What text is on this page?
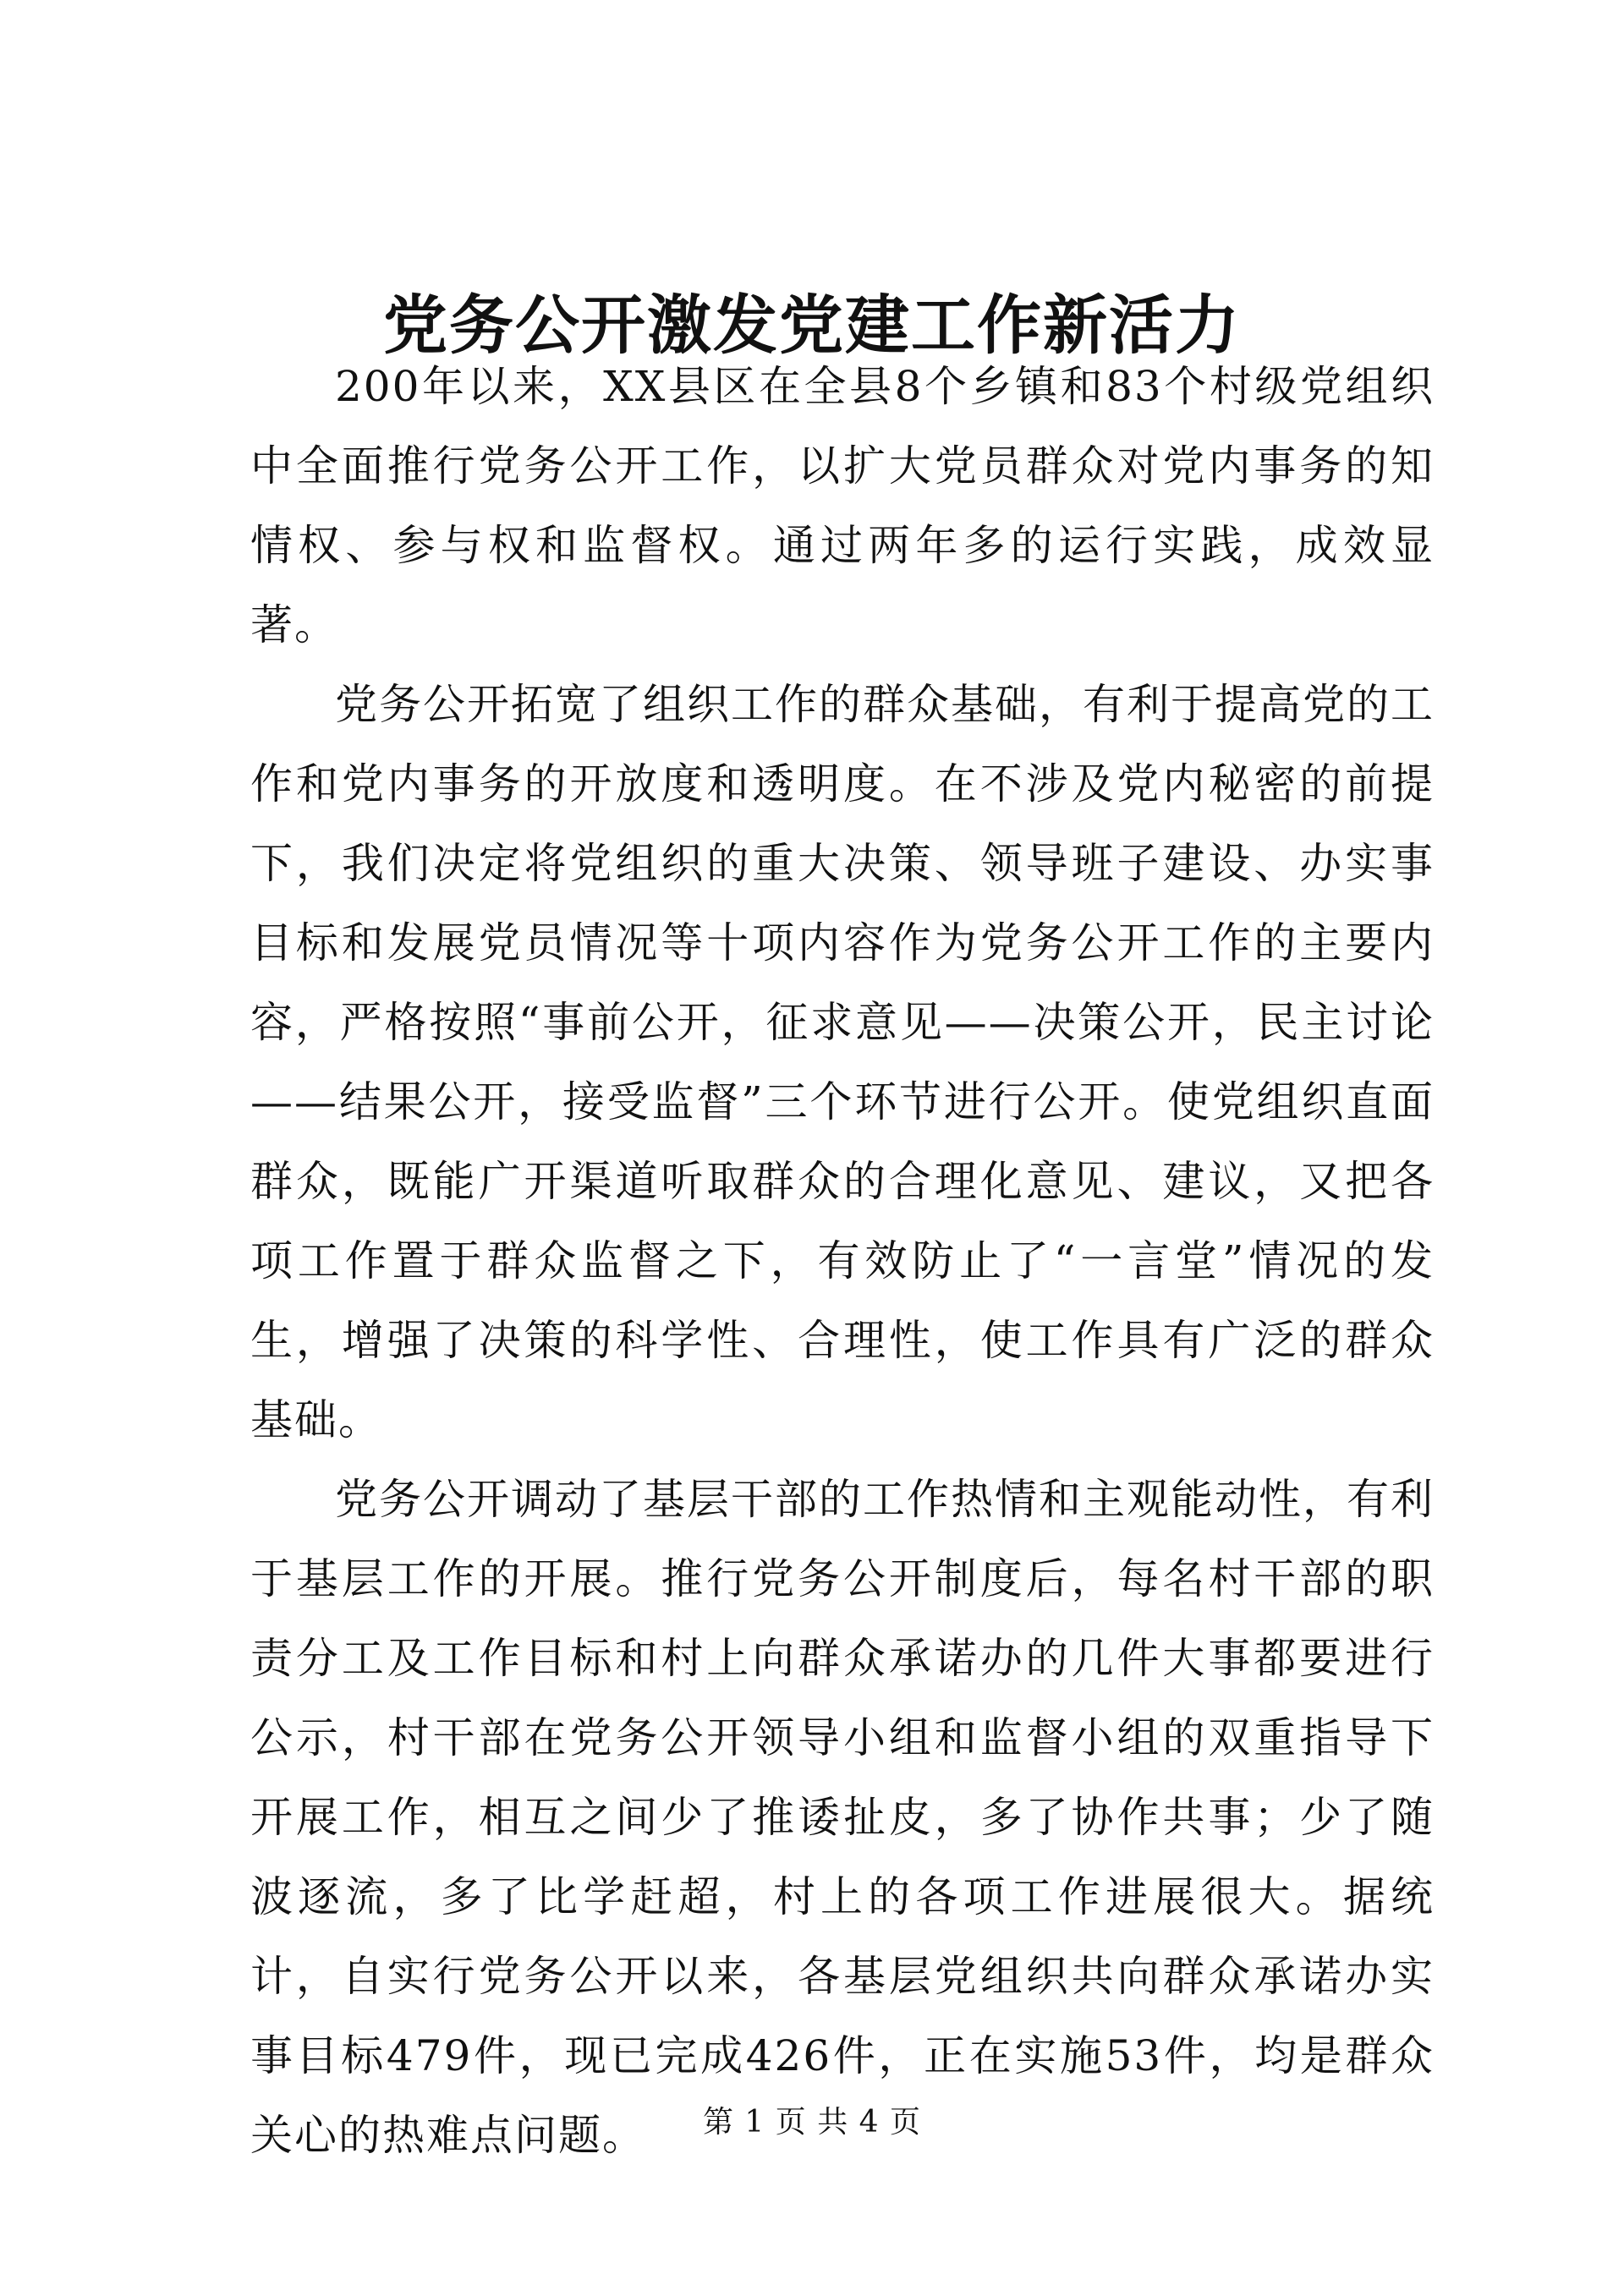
党务公开激发党建工作新活力

200年以来，XX县区在全县8个乡镇和83个村级党组织中全面推行党务公开工作，以扩大党员群众对党内事务的知情权、参与权和监督权。通过两年多的运行实践，成效显著。

党务公开拓宽了组织工作的群众基础，有利于提高党的工作和党内事务的开放度和透明度。在不涉及党内秘密的前提下，我们决定将党组织的重大决策、领导班子建设、办实事目标和发展党员情况等十项内容作为党务公开工作的主要内容，严格按照“事前公开，征求意见——决策公开，民主讨论——结果公开，接受监督”三个环节进行公开。使党组织直面群众，既能广开渠道听取群众的合理化意见、建议，又把各项工作置于群众监督之下，有效防止了“一言堂”情况的发生，增强了决策的科学性、合理性，使工作具有广泛的群众基础。

党务公开调动了基层干部的工作热情和主观能动性，有利于基层工作的开展。推行党务公开制度后，每名村干部的职责分工及工作目标和村上向群众承诺办的几件大事都要进行公示，村干部在党务公开领导小组和监督小组的双重指导下开展工作，相互之间少了推诿扯皮，多了协作共事；少了随波逐流，多了比学赶超，村上的各项工作进展很大。据统计，自实行党务公开以来，各基层党组织共向群众承诺办实事目标479件，现已完成426件，正在实施53件，均是群众关心的热难点问题。	第 1 页 共 4 页
